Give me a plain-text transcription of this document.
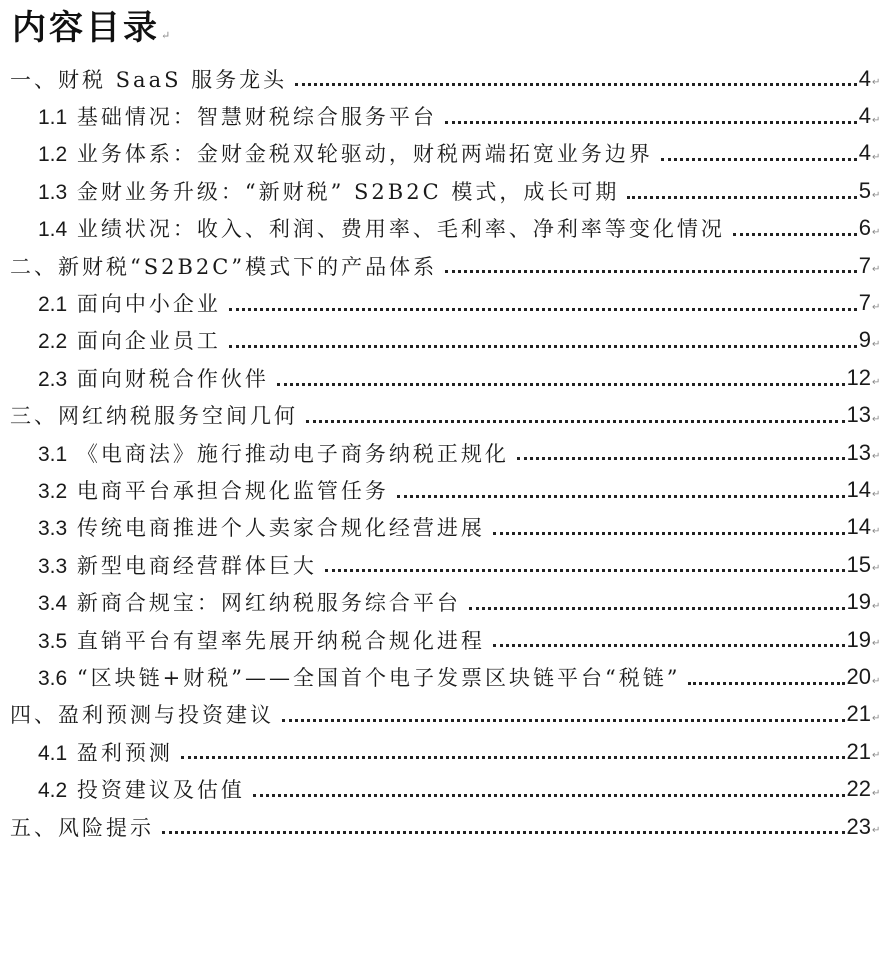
内容目录↵
一、财税 SaaS 服务龙头	4 ↵
1.1 基础情况：智慧财税综合服务平台	4 ↵
1.2 业务体系：金财金税双轮驱动，财税两端拓宽业务边界	4 ↵
1.3 金财业务升级：“新财税” S2B2C 模式，成长可期	5 ↵
1.4 业绩状况：收入、利润、费用率、毛利率、净利率等变化情况	6 ↵
二、新财税“S2B2C”模式下的产品体系	7 ↵
2.1 面向中小企业	7 ↵
2.2 面向企业员工	9 ↵
2.3 面向财税合作伙伴	12 ↵
三、网红纳税服务空间几何	13 ↵
3.1 《电商法》施行推动电子商务纳税正规化	13 ↵
3.2 电商平台承担合规化监管任务	14 ↵
3.3 传统电商推进个人卖家合规化经营进展	14 ↵
3.3 新型电商经营群体巨大	15 ↵
3.4 新商合规宝：网红纳税服务综合平台	19 ↵
3.5 直销平台有望率先展开纳税合规化进程	19 ↵
3.6 “区块链+财税”——全国首个电子发票区块链平台“税链”	20 ↵
四、盈利预测与投资建议	21 ↵
4.1 盈利预测	21 ↵
4.2 投资建议及估值	22 ↵
五、风险提示	23 ↵
